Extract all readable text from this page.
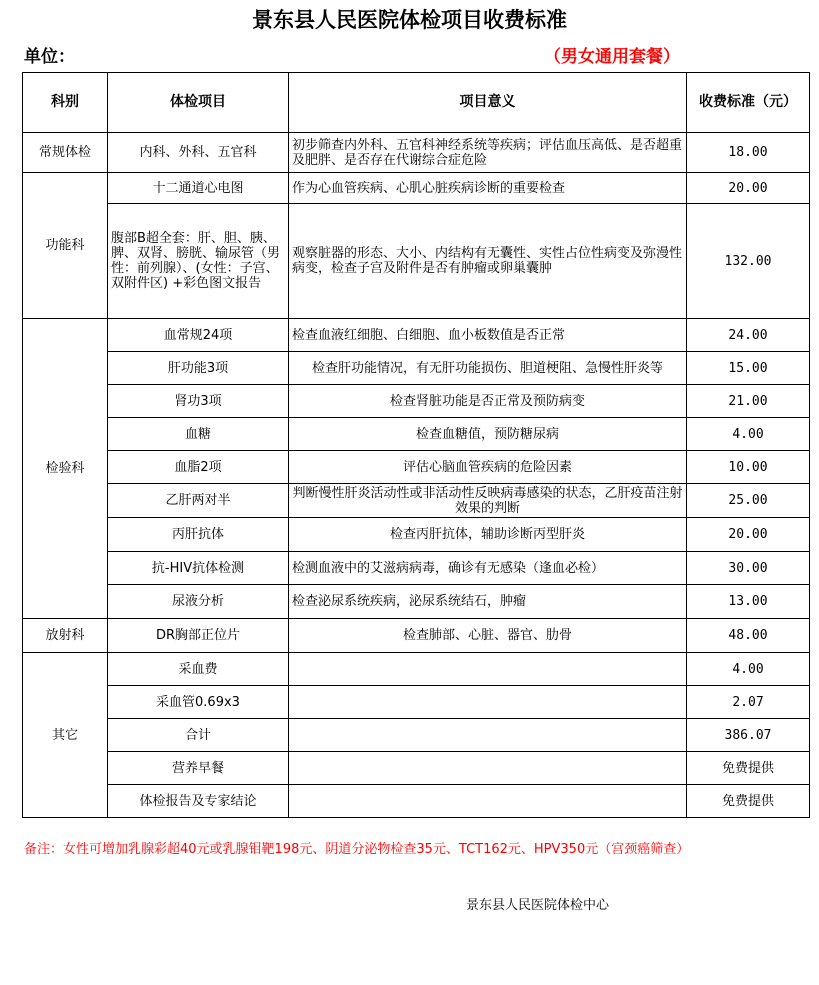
景东县人民医院体检项目收费标准
单位：	（男女通用套餐）
科别	体检项目	项目意义	收费标准（元）
常规体检	内科、外科、五官科	初步筛查内外科、五官科神经系统等疾病；评估血压高低、是否超重及肥胖、是否存在代谢综合症危险	18.00
功能科	十二通道心电图	作为心血管疾病、心肌心脏疾病诊断的重要检查	20.00
	腹部B超全套：肝、胆、胰、脾、双肾、膀胱、输尿管（男性：前列腺）、(女性：子宫、双附件区) +彩色图文报告	观察脏器的形态、大小、内结构有无囊性、实性占位性病变及弥漫性病变，检查子宫及附件是否有肿瘤或卵巢囊肿	132.00
检验科	血常规24项	检查血液红细胞、白细胞、血小板数值是否正常	24.00
	肝功能3项	检查肝功能情况，有无肝功能损伤、胆道梗阻、急慢性肝炎等	15.00
	肾功3项	检查肾脏功能是否正常及预防病变	21.00
	血糖	检查血糖值，预防糖尿病	4.00
	血脂2项	评估心脑血管疾病的危险因素	10.00
	乙肝两对半	判断慢性肝炎活动性或非活动性反映病毒感染的状态，乙肝疫苗注射效果的判断	25.00
	丙肝抗体	检查丙肝抗体，辅助诊断丙型肝炎	20.00
	抗-HIV抗体检测	检测血液中的艾滋病病毒，确诊有无感染（逢血必检）	30.00
	尿液分析	检查泌尿系统疾病，泌尿系统结石，肿瘤	13.00
放射科	DR胸部正位片	检查肺部、心脏、器官、肋骨	48.00
其它	采血费		4.00
	采血管0.69x3		2.07
	合计		386.07
	营养早餐		免费提供
	体检报告及专家结论		免费提供
备注：女性可增加乳腺彩超40元或乳腺钼靶198元、阴道分泌物检查35元、TCT162元、HPV350元（宫颈癌筛查）
景东县人民医院体检中心
